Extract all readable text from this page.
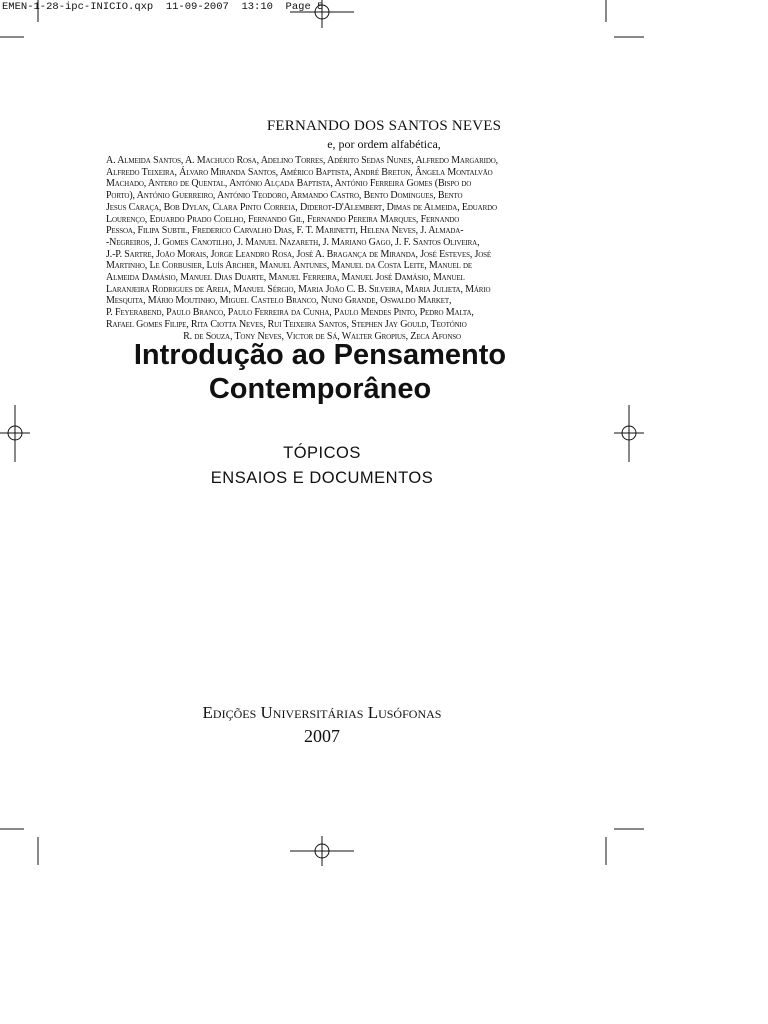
EMEN-1-28-ipc-INICIO.qxp  11-09-2007  13:10  Page 5
FERNANDO DOS SANTOS NEVES
e, por ordem alfabética,
A. Almeida Santos, A. Machuco Rosa, Adelino Torres, Adérito Sedas Nunes, Alfredo Margarido,
Alfredo Teixeira, Álvaro Miranda Santos, Américo Baptista, André Breton, Ângela Montalvão
Machado, Antero de Quental, António Alçada Baptista, António Ferreira Gomes (Bispo do
Porto), António Guerreiro, António Teodoro, Armando Castro, Bento Domingues, Bento
Jesus Caraça, Bob Dylan, Clara Pinto Correia, Diderot-D'Alembert, Dimas de Almeida, Eduardo
Lourenço, Eduardo Prado Coelho, Fernando Gil, Fernando Pereira Marques, Fernando
Pessoa, Filipa Subtil, Frederico Carvalho Dias, F. T. Marinetti, Helena Neves, J. Almada-
-Negreiros, J. Gomes Canotilho, J. Manuel Nazareth, J. Mariano Gago, J. F. Santos Oliveira,
J.-P. Sartre, João Morais, Jorge Leandro Rosa, José A. Bragança de Miranda, José Esteves, José
Martinho, Le Corbusier, Luís Archer, Manuel Antunes, Manuel da Costa Leite, Manuel de
Almeida Damásio, Manuel Dias Duarte, Manuel Ferreira, Manuel José Damásio, Manuel
Laranjeira Rodrigues de Areia, Manuel Sérgio, Maria João C. B. Silveira, Maria Julieta, Mário
Mesquita, Mário Moutinho, Miguel Castelo Branco, Nuno Grande, Oswaldo Market,
P. Feyerabend, Paulo Branco, Paulo Ferreira da Cunha, Paulo Mendes Pinto, Pedro Malta,
Rafael Gomes Filipe, Rita Ciotta Neves, Rui Teixeira Santos, Stephen Jay Gould, Teotónio
R. de Souza, Tony Neves, Victor de Sá, Walter Gropius, Zeca Afonso
Introdução ao Pensamento
Contemporâneo
TÓPICOS
ENSAIOS E DOCUMENTOS
Edições Universitárias Lusófonas
2007
